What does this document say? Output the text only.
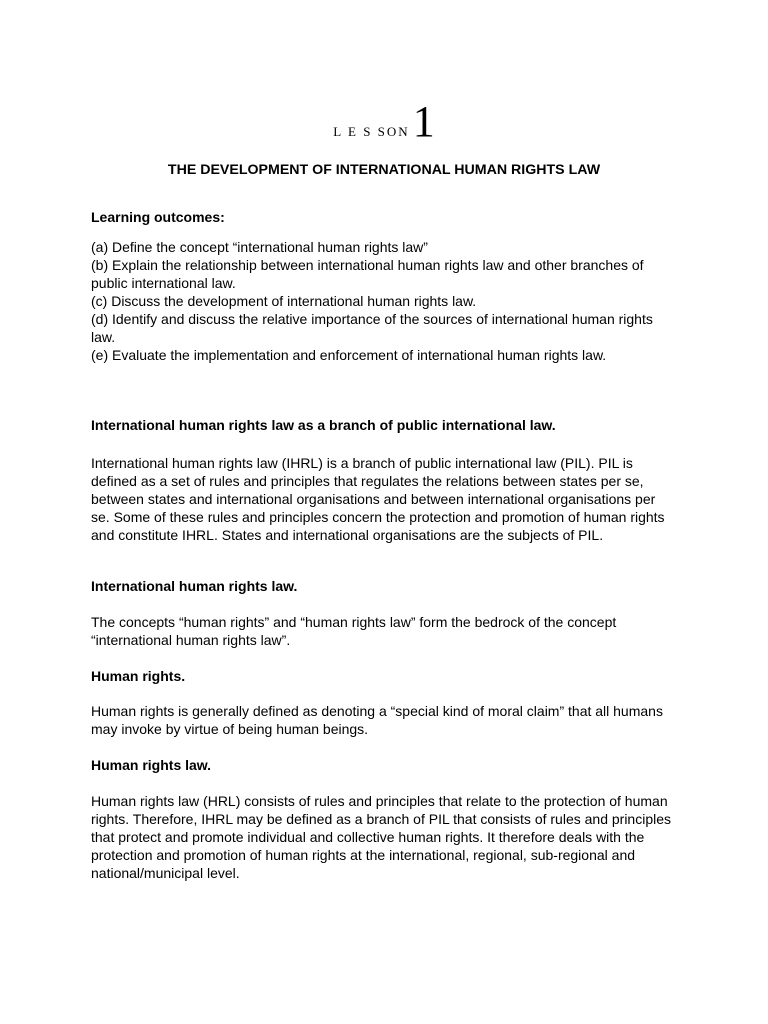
L E S SON1
THE DEVELOPMENT OF INTERNATIONAL HUMAN RIGHTS LAW

Learning outcomes:

(a) Define the concept “international human rights law”
(b) Explain the relationship between international human rights law and other branches of public international law.
(c) Discuss the development of international human rights law.
(d) Identify and discuss the relative importance of the sources of international human rights law.
(e) Evaluate the implementation and enforcement of international human rights law.

International human rights law as a branch of public international law.

International human rights law (IHRL) is a branch of public international law (PIL). PIL is defined as a set of rules and principles that regulates the relations between states per se, between states and international organisations and between international organisations per se. Some of these rules and principles concern the protection and promotion of human rights and constitute IHRL. States and international organisations are the subjects of PIL.

International human rights law.

The concepts “human rights” and “human rights law” form the bedrock of the concept “international human rights law”.

Human rights.

Human rights is generally defined as denoting a “special kind of moral claim” that all humans may invoke by virtue of being human beings.

Human rights law.

Human rights law (HRL) consists of rules and principles that relate to the protection of human rights. Therefore, IHRL may be defined as a branch of PIL that consists of rules and principles that protect and promote individual and collective human rights. It therefore deals with the protection and promotion of human rights at the international, regional, sub-regional and national/municipal level.
